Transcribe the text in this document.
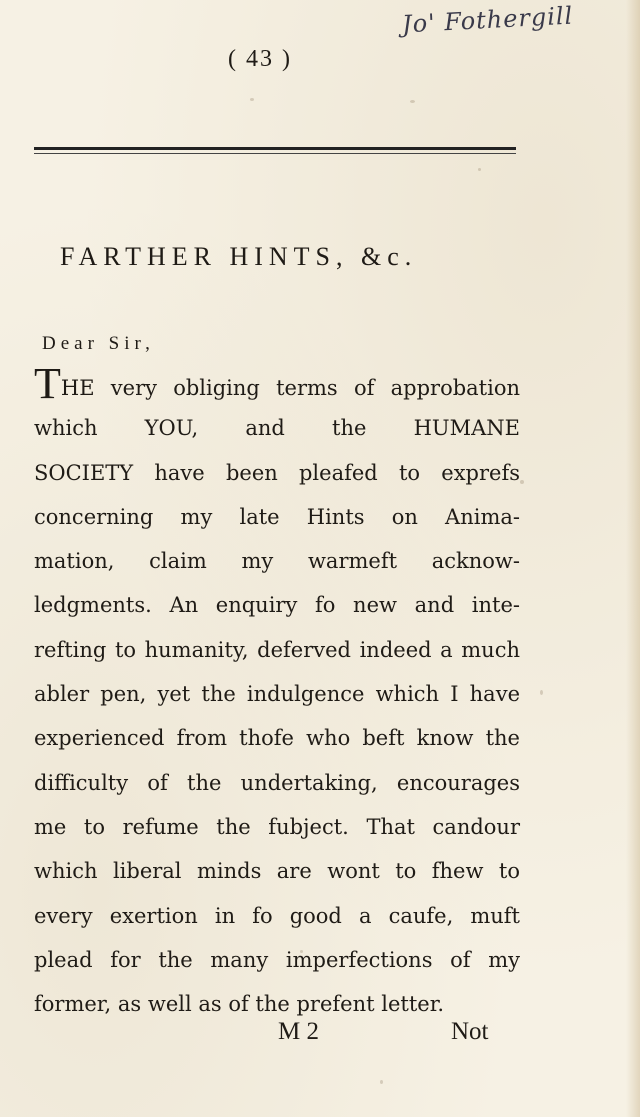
Jo' Fothergill
( 43 )
FARTHER HINTS, &c.
Dear Sir,
THE very obliging terms of approbation
which YOU, and the HUMANE
SOCIETY have been pleafed to exprefs
concerning my late Hints on Anima-
mation, claim my warmeft acknow-
ledgments. An enquiry fo new and inte-
refting to humanity, deferved indeed a much
abler pen, yet the indulgence which I have
experienced from thofe who beft know the
difficulty of the undertaking, encourages
me to refume the fubject. That candour
which liberal minds are wont to fhew to
every exertion in fo good a caufe, muft
plead for the many imperfections of my
former, as well as of the prefent letter.
M 2	Not
